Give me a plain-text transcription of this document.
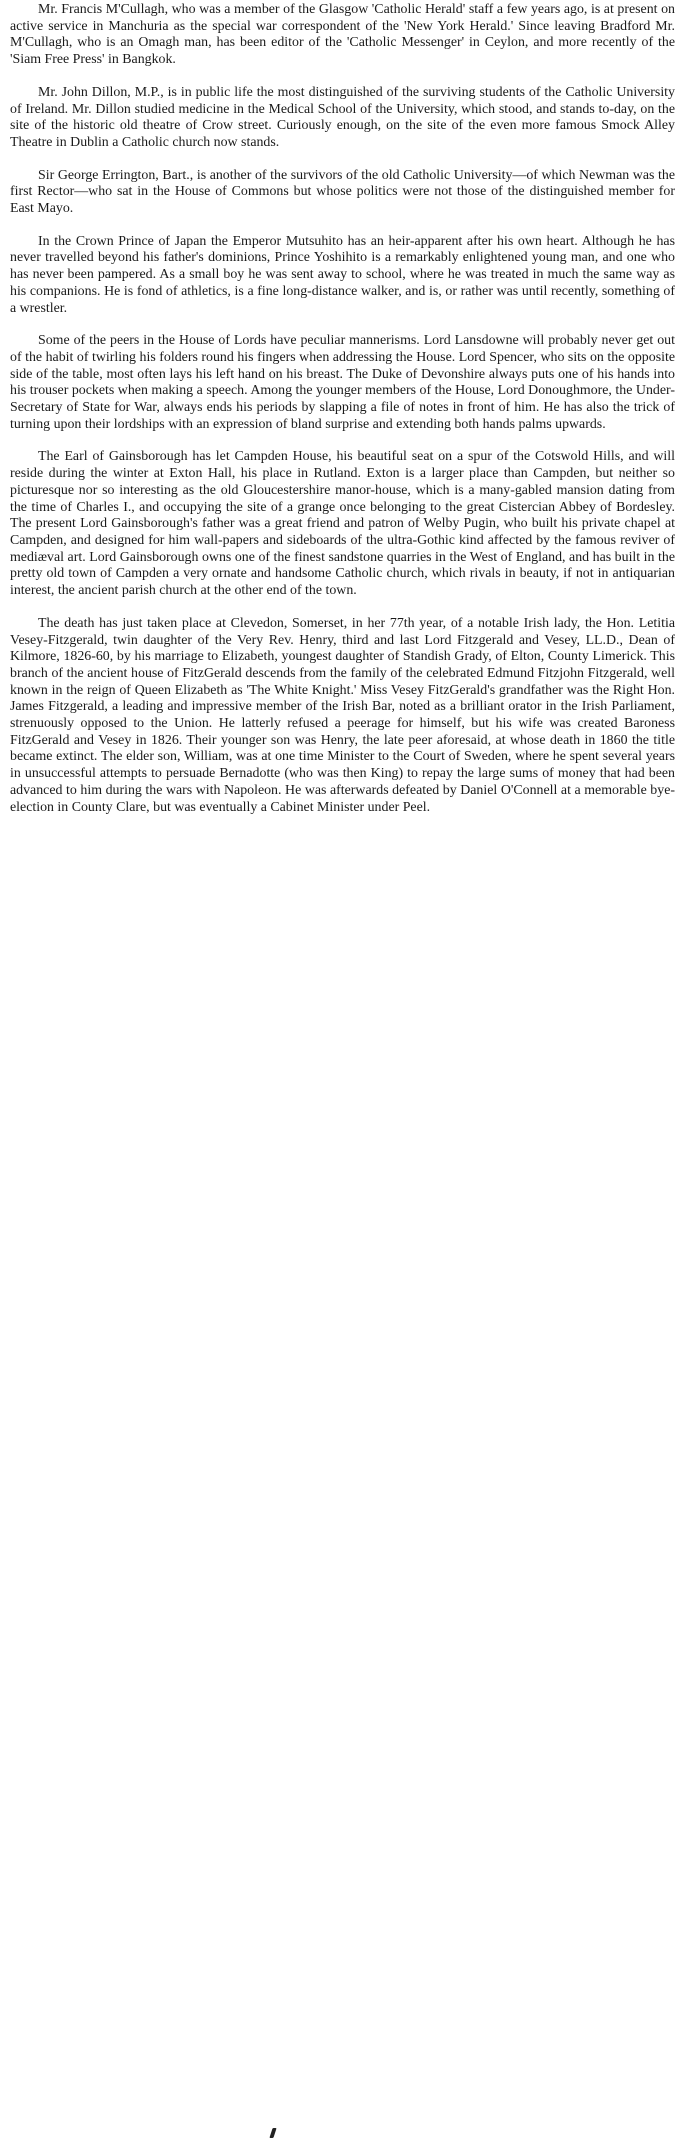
Mr. Francis M'Cullagh, who was a member of the Glasgow 'Catholic Herald' staff a few years ago, is at present on active service in Manchuria as the special war correspondent of the 'New York Herald.' Since leaving Bradford Mr. M'Cullagh, who is an Omagh man, has been editor of the 'Catholic Messenger' in Ceylon, and more recently of the 'Siam Free Press' in Bangkok.

Mr. John Dillon, M.P., is in public life the most distinguished of the surviving students of the Catholic University of Ireland. Mr. Dillon studied medicine in the Medical School of the University, which stood, and stands to-day, on the site of the historic old theatre of Crow street. Curiously enough, on the site of the even more famous Smock Alley Theatre in Dublin a Catholic church now stands.

Sir George Errington, Bart., is another of the survivors of the old Catholic University—of which Newman was the first Rector—who sat in the House of Commons but whose politics were not those of the distinguished member for East Mayo.

In the Crown Prince of Japan the Emperor Mutsuhito has an heir-apparent after his own heart. Although he has never travelled beyond his father's dominions, Prince Yoshihito is a remarkably enlightened young man, and one who has never been pampered. As a small boy he was sent away to school, where he was treated in much the same way as his companions. He is fond of athletics, is a fine long-distance walker, and is, or rather was until recently, something of a wrestler.

Some of the peers in the House of Lords have peculiar mannerisms. Lord Lansdowne will probably never get out of the habit of twirling his folders round his fingers when addressing the House. Lord Spencer, who sits on the opposite side of the table, most often lays his left hand on his breast. The Duke of Devonshire always puts one of his hands into his trouser pockets when making a speech. Among the younger members of the House, Lord Donoughmore, the Under-Secretary of State for War, always ends his periods by slapping a file of notes in front of him. He has also the trick of turning upon their lordships with an expression of bland surprise and extending both hands palms upwards.

The Earl of Gainsborough has let Campden House, his beautiful seat on a spur of the Cotswold Hills, and will reside during the winter at Exton Hall, his place in Rutland. Exton is a larger place than Campden, but neither so picturesque nor so interesting as the old Gloucestershire manor-house, which is a many-gabled mansion dating from the time of Charles I., and occupying the site of a grange once belonging to the great Cistercian Abbey of Bordesley. The present Lord Gainsborough's father was a great friend and patron of Welby Pugin, who built his private chapel at Campden, and designed for him wall-papers and sideboards of the ultra-Gothic kind affected by the famous reviver of mediæval art. Lord Gainsborough owns one of the finest sandstone quarries in the West of England, and has built in the pretty old town of Campden a very ornate and handsome Catholic church, which rivals in beauty, if not in antiquarian interest, the ancient parish church at the other end of the town.

The death has just taken place at Clevedon, Somerset, in her 77th year, of a notable Irish lady, the Hon. Letitia Vesey-Fitzgerald, twin daughter of the Very Rev. Henry, third and last Lord Fitzgerald and Vesey, LL.D., Dean of Kilmore, 1826-60, by his marriage to Elizabeth, youngest daughter of Standish Grady, of Elton, County Limerick. This branch of the ancient house of FitzGerald descends from the family of the celebrated Edmund Fitzjohn Fitzgerald, well known in the reign of Queen Elizabeth as 'The White Knight.' Miss Vesey FitzGerald's grandfather was the Right Hon. James Fitzgerald, a leading and impressive member of the Irish Bar, noted as a brilliant orator in the Irish Parliament, strenuously opposed to the Union. He latterly refused a peerage for himself, but his wife was created Baroness FitzGerald and Vesey in 1826. Their younger son was Henry, the late peer aforesaid, at whose death in 1860 the title became extinct. The elder son, William, was at one time Minister to the Court of Sweden, where he spent several years in unsuccessful attempts to persuade Bernadotte (who was then King) to repay the large sums of money that had been advanced to him during the wars with Napoleon. He was afterwards defeated by Daniel O'Connell at a memorable bye-election in County Clare, but was eventually a Cabinet Minister under Peel.
